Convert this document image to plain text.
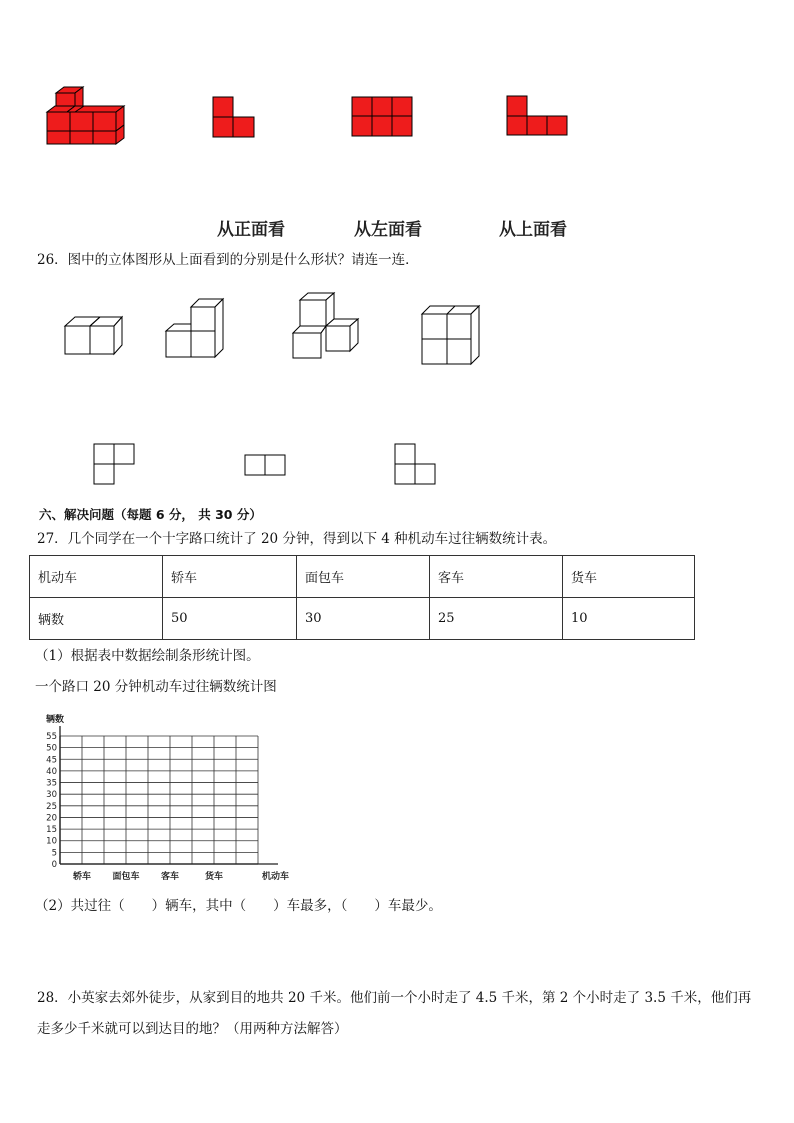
从正面看	从左面看	从上面看
26．图中的立体图形从上面看到的分别是什么形状？请连一连．
六、解决问题（每题 6 分， 共 30 分）
27．几个同学在一个十字路口统计了 20 分钟，得到以下 4 种机动车过往辆数统计表。
机动车	轿车	面包车	客车	货车
辆数	50	30	25	10
（1）根据表中数据绘制条形统计图。
一个路口 20 分钟机动车过往辆数统计图
辆数
0
5
10
15
20
25
30
35
40
45
50
55
轿车 面包车 客车	货车	机动车
（2）共过往（　　）辆车，其中（　　）车最多，（　　）车最少。
28．小英家去郊外徒步，从家到目的地共 20 千米。他们前一个小时走了 4.5 千米，第 2 个小时走了 3.5 千米，他们再
走多少千米就可以到达目的地？（用两种方法解答）
